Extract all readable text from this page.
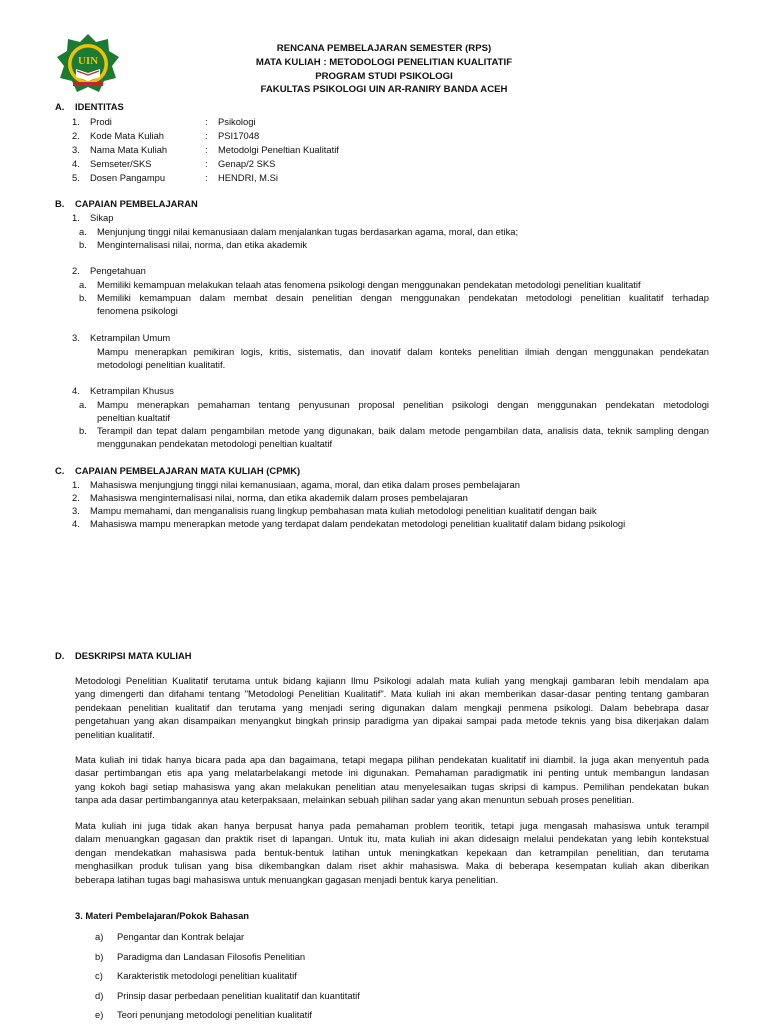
UIN
RENCANA PEMBELAJARAN SEMESTER (RPS)
MATA KULIAH : METODOLOGI PENELITIAN KUALITATIF
PROGRAM STUDI PSIKOLOGI
FAKULTAS PSIKOLOGI UIN AR-RANIRY BANDA ACEH
A. IDENTITAS
1. Prodi	: Psikologi
2. Kode Mata Kuliah	: PSI17048
3. Nama Mata Kuliah	: Metodolgi Peneltian Kualitatif
4. Semseter/SKS	: Genap/2 SKS
5. Dosen Pangampu	: HENDRI, M.Si
B. CAPAIAN PEMBELAJARAN
1. Sikap
a. Menjunjung tinggi nilai kemanusiaan dalam menjalankan tugas berdasarkan agama, moral, dan etika;
b. Menginternalisasi nilai, norma, dan etika akademik
2. Pengetahuan
a. Memiliki kemampuan melakukan telaah atas fenomena psikologi dengan menggunakan pendekatan metodologi penelitian kualitatif
b. Memiliki kemampuan dalam membat desain penelitian dengan menggunakan pendekatan metodologi penelitian kualitatif terhadap
fenomena psikologi
3. Ketrampilan Umum
Mampu menerapkan pemikiran logis, kritis, sistematis, dan inovatif dalam konteks penelitian ilmiah dengan menggunakan pendekatan
metodologi penelitian kualitatif.
4. Ketrampilan Khusus
a. Mampu menerapkan pemahaman tentang penyusunan proposal penelitian psikologi dengan menggunakan pendekatan metodologi
peneltian kualtatif
b. Terampil dan tepat dalam pengambilan metode yang digunakan, baik dalam metode pengambilan data, analisis data, teknik sampling dengan
menggunakan pendekatan metodologi peneltian kualtatif
C. CAPAIAN PEMBELAJARAN MATA KULIAH (CPMK)
1. Mahasiswa menjungjung tinggi nilai kemanusiaan, agama, moral, dan etika dalam proses pembelajaran
2. Mahasiswa menginternalisasi nilai, norma, dan etika akademik dalam proses pembelajaran
3. Mampu memahami, dan menganalisis ruang lingkup pembahasan mata kuliah metodologi penelitian kualitatif dengan baik
4. Mahasiswa mampu menerapkan metode yang terdapat dalam pendekatan metodologi penelitian kualitatif dalam bidang psikologi
D. DESKRIPSI MATA KULIAH
Metodologi Penelitian Kualitatif terutama untuk bidang kajiann Ilmu Psikologi adalah mata kuliah yang mengkaji gambaran lebih mendalam apa
yang dimengerti dan difahami tentang "Metodologi Penelitian Kualitatif". Mata kuliah ini akan memberikan dasar-dasar penting tentang gambaran
pendekaan penelitian kualitatif dan terutama yang menjadi sering digunakan dalam mengkaji penmena psikologi. Dalam bebebrapa dasar
pengetahuan yang akan disampaikan menyangkut bingkah prinsip paradigma yan dipakai sampai pada metode teknis yang bisa dikerjakan dalam
penelitian kualitatif.
Mata kuliah ini tidak hanya bicara pada apa dan bagaimana, tetapi megapa pilihan pendekatan kualitatif ini diambil. Ia juga akan menyentuh pada
dasar pertimbangan etis apa yang melatarbelakangi metode ini digunakan. Pemahaman paradigmatik ini penting untuk membangun landasan
yang kokoh bagi setiap mahasiswa yang akan melakukan penelitian atau menyelesaikan tugas skripsi di kampus. Pemilihan pendekatan bukan
tanpa ada dasar pertimbangannya atau keterpaksaan, melainkan sebuah pilihan sadar yang akan menuntun sebuah proses penelitian.
Mata kuliah ini juga tidak akan hanya berpusat hanya pada pemahaman problem teoritik, tetapi juga mengasah mahasiswa untuk terampil
dalam menuangkan gagasan dan praktik riset di lapangan. Untuk itu, mata kuliah ini akan didesaign melalui pendekatan yang lebih kontekstual
dengan mendekatkan mahasiswa pada bentuk-bentuk latihan untuk meningkatkan kepekaan dan ketrampilan penelitian, dan terutama
menghasilkan produk tulisan yang bisa dikembangkan dalam riset akhir mahasiswa. Maka di beberapa kesempatan kuliah akan diberikan
beberapa latihan tugas bagi mahasiswa untuk menuangkan gagasan menjadi bentuk karya penelitian.
3. Materi Pembelajaran/Pokok Bahasan
a) Pengantar dan Kontrak belajar
b) Paradigma dan Landasan Filosofis Penelitian
c) Karakteristik metodologi penelitian kualitatif
d) Prinsip dasar perbedaan penelitian kualitatif dan kuantitatif
e) Teori penunjang metodologi penelitian kualitatif
